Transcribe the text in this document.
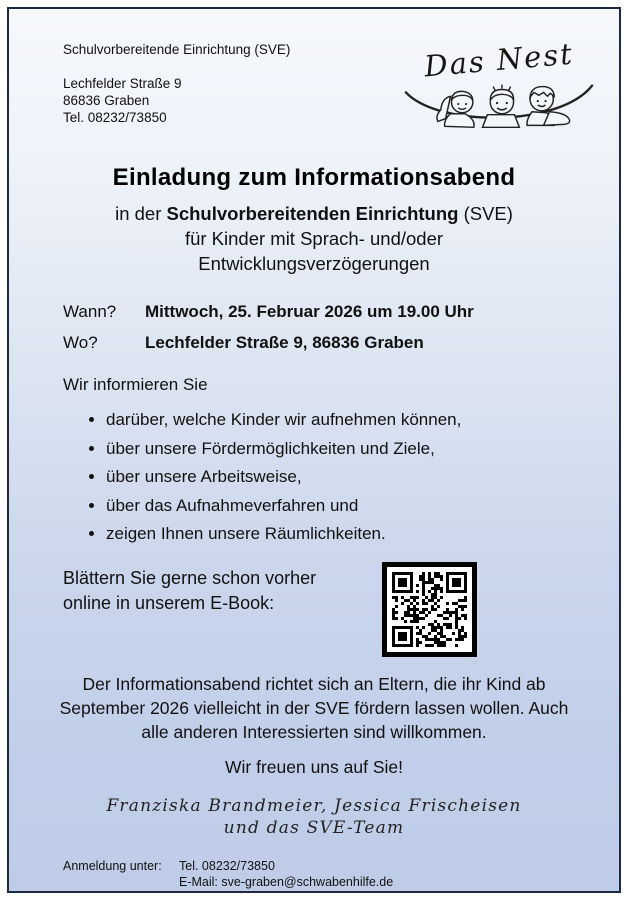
Schulvorbereitende Einrichtung (SVE)
Lechfelder Straße 9
86836 Graben
Tel. 08232/73850
Das Nest
Einladung zum Informationsabend
in der Schulvorbereitenden Einrichtung (SVE)
für Kinder mit Sprach- und/oder
Entwicklungsverzögerungen
Wann?	Mittwoch, 25. Februar 2026 um 19.00 Uhr
Wo?	Lechfelder Straße 9, 86836 Graben
Wir informieren Sie
• darüber, welche Kinder wir aufnehmen können,
• über unsere Fördermöglichkeiten und Ziele,
• über unsere Arbeitsweise,
• über das Aufnahmeverfahren und
• zeigen Ihnen unsere Räumlichkeiten.
Blättern Sie gerne schon vorher
online in unserem E-Book:
Der Informationsabend richtet sich an Eltern, die ihr Kind ab September 2026 vielleicht in der SVE fördern lassen wollen. Auch alle anderen Interessierten sind willkommen.
Wir freuen uns auf Sie!
Franziska Brandmeier, Jessica Frischeisen
und das SVE-Team
Anmeldung unter:	Tel. 08232/73850
E-Mail: sve-graben@schwabenhilfe.de
